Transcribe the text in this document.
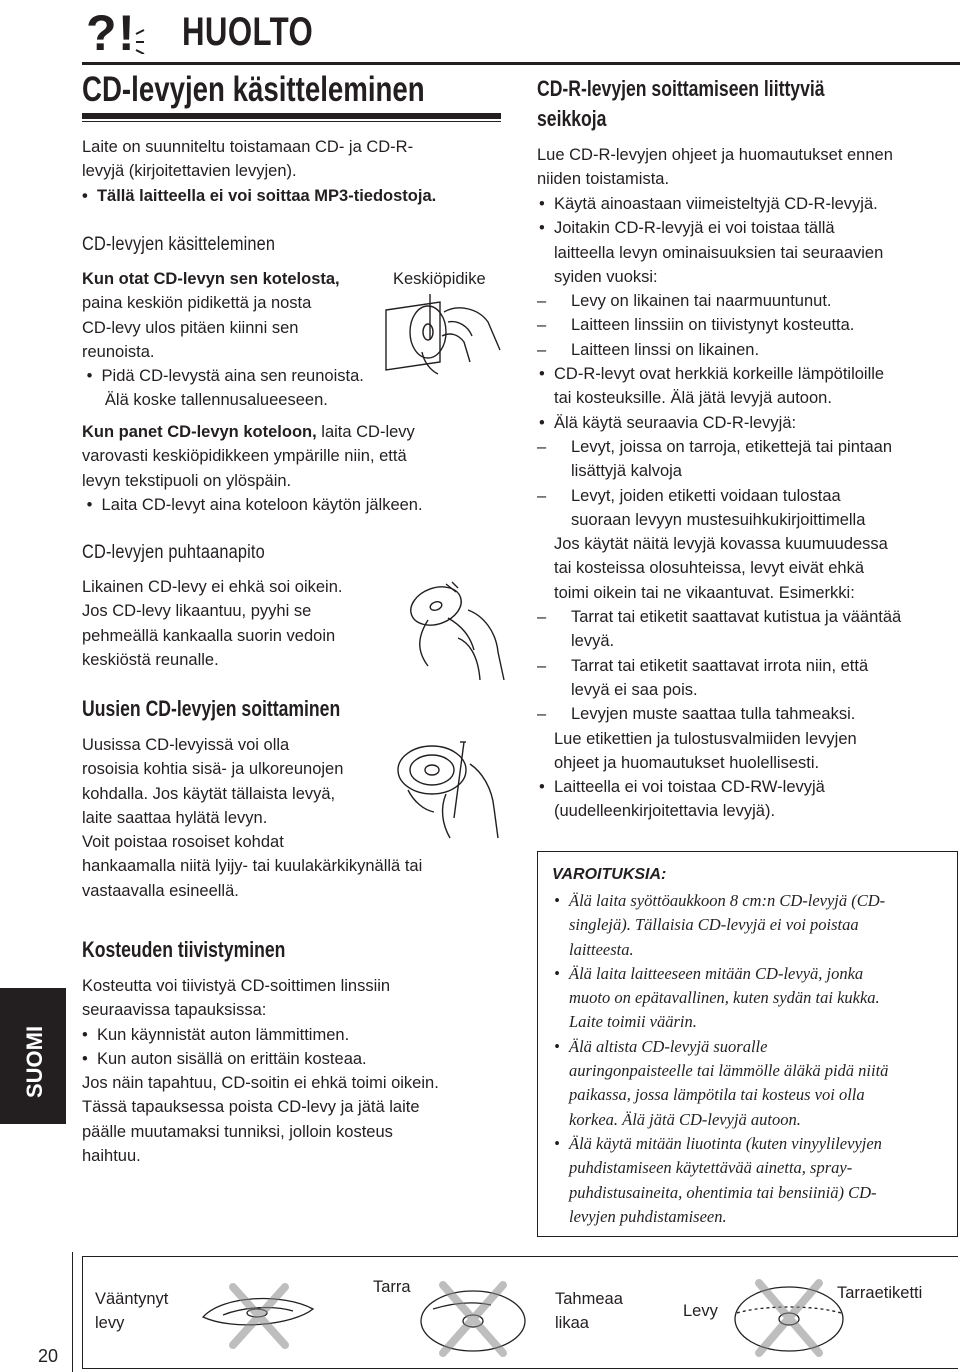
? ! HUOLTO
SUOMI
20
CD-levyjen käsitteleminen
Laite on suunniteltu toistamaan CD- ja CD-R-
levyjä (kirjoitettavien levyjen).
•  Tällä laitteella ei voi soittaa MP3-tiedostoja.
CD-levyjen käsitteleminen
Kun otat CD-levyn sen kotelosta,
paina keskiön pidikettä ja nosta
CD-levy ulos pitäen kiinni sen
reunoista.
•  Pidä CD-levystä aina sen reunoista.
Älä koske tallennusalueeseen.
Keskiöpidike
Kun panet CD-levyn koteloon, laita CD-levy
varovasti keskiöpidikkeen ympärille niin, että
levyn tekstipuoli on ylöspäin.
•  Laita CD-levyt aina koteloon käytön jälkeen.
CD-levyjen puhtaanapito
Likainen CD-levy ei ehkä soi oikein.
Jos CD-levy likaantuu, pyyhi se
pehmeällä kankaalla suorin vedoin
keskiöstä reunalle.
Uusien CD-levyjen soittaminen
Uusissa CD-levyissä voi olla
rosoisia kohtia sisä- ja ulkoreunojen
kohdalla. Jos käytät tällaista levyä,
laite saattaa hylätä levyn.
Voit poistaa rosoiset kohdat
hankaamalla niitä lyijy- tai kuulakärkikynällä tai
vastaavalla esineellä.
Kosteuden tiivistyminen
Kosteutta voi tiivistyä CD-soittimen linssiin
seuraavissa tapauksissa:
•  Kun käynnistät auton lämmittimen.
•  Kun auton sisällä on erittäin kosteaa.
Jos näin tapahtuu, CD-soitin ei ehkä toimi oikein.
Tässä tapauksessa poista CD-levy ja jätä laite
päälle muutamaksi tunniksi, jolloin kosteus
haihtuu.
CD-R-levyjen soittamiseen liittyviä
seikkoja
Lue CD-R-levyjen ohjeet ja huomautukset ennen
niiden toistamista.
• Käytä ainoastaan viimeisteltyjä CD-R-levyjä.
• Joitakin CD-R-levyjä ei voi toistaa tällä
laitteella levyn ominaisuuksien tai seuraavien
syiden vuoksi:
– Levy on likainen tai naarmuuntunut.
– Laitteen linssiin on tiivistynyt kosteutta.
– Laitteen linssi on likainen.
• CD-R-levyt ovat herkkiä korkeille lämpötiloille
tai kosteuksille. Älä jätä levyjä autoon.
• Älä käytä seuraavia CD-R-levyjä:
– Levyt, joissa on tarroja, etikettejä tai pintaan
lisättyjä kalvoja
– Levyt, joiden etiketti voidaan tulostaa
suoraan levyyn mustesuihkukirjoittimella
Jos käytät näitä levyjä kovassa kuumuudessa
tai kosteissa olosuhteissa, levyt eivät ehkä
toimi oikein tai ne vikaantuvat. Esimerkki:
– Tarrat tai etiketit saattavat kutistua ja vääntää
levyä.
– Tarrat tai etiketit saattavat irrota niin, että
levyä ei saa pois.
– Levyjen muste saattaa tulla tahmeaksi.
Lue etikettien ja tulostusvalmiiden levyjen
ohjeet ja huomautukset huolellisesti.
• Laitteella ei voi toistaa CD-RW-levyjä
(uudelleenkirjoitettavia levyjä).
VAROITUKSIA:
• Älä laita syöttöaukkoon 8 cm:n CD-levyjä (CD-
singlejä). Tällaisia CD-levyjä ei voi poistaa
laitteesta.
• Älä laita laitteeseen mitään CD-levyä, jonka
muoto on epätavallinen, kuten sydän tai kukka.
Laite toimii väärin.
• Älä altista CD-levyjä suoralle
auringonpaisteelle tai lämmölle äläkä pidä niitä
paikassa, jossa lämpötila tai kosteus voi olla
korkea. Älä jätä CD-levyjä autoon.
• Älä käytä mitään liuotinta (kuten vinyylilevyjen
puhdistamiseen käytettävää ainetta, spray-
puhdistusaineita, ohentimia tai bensiiniä) CD-
levyjen puhdistamiseen.
Vääntynyt
levy
Tarra
Tahmeaa
likaa
Levy
Tarraetiketti
